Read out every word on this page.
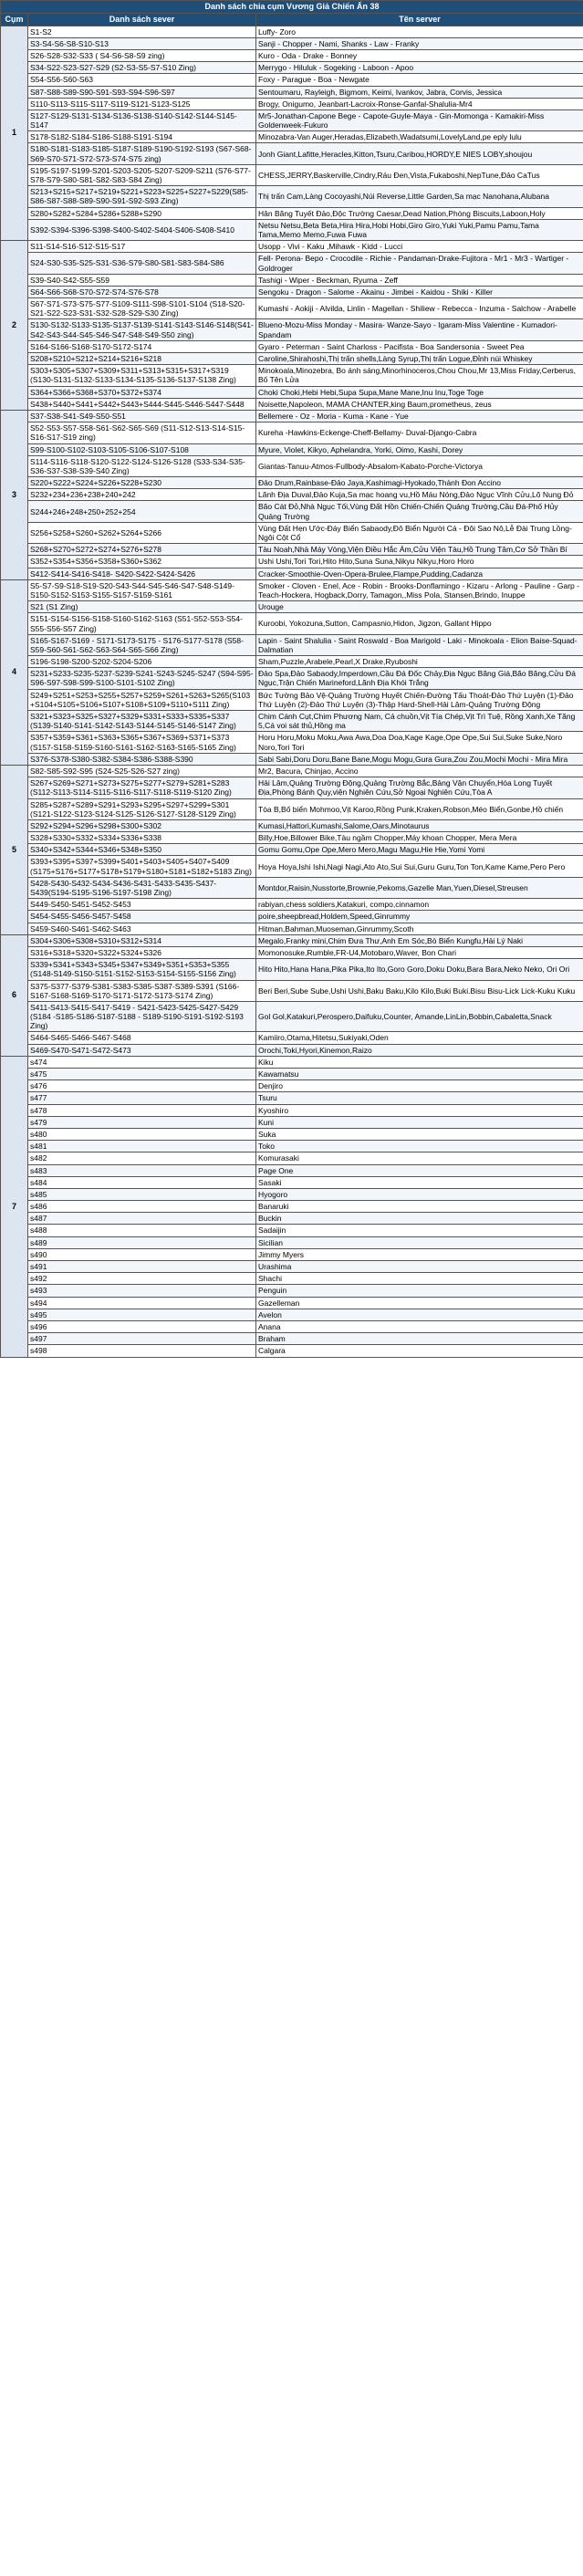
Danh sách chia cụm Vương Giả Chiến Ẩn 38		
Cụm	Danh sách sever	Tên server
1	S1-S2	Luffy- Zoro
	S3-S4-S6-S8-S10-S13	Sanji - Chopper - Nami, Shanks - Law - Franky
	S26-S28-S32-S33 ( S4-S6-S8-S9 zing)	Kuro - Oda - Drake - Bonney
	S34-S22-S23-S27-S29 (S2-S3-S5-S7-S10 Zing)	Merrygo - Hiluluk - Sogeking - Laboon - Apoo
	S54-S56-S60-S63	Foxy - Parague - Boa - Newgate
	S87-S88-S89-S90-S91-S93-S94-S96-S97	Sentoumaru, Rayleigh, Bigmom, Keimi, Ivankov, Jabra, Corvis, Jessica
	S110-S113-S115-S117-S119-S121-S123-S125	Brogy, Onigumo, Jeanbart-Lacroix-Ronse-Ganfal-Shalulia-Mr4
	S127-S129-S131-S134-S136-S138-S140-S142-S144-S145-S147	Mr5-Jonathan-Capone Bege - Capote-Guyle-Maya - Gin-Momonga - Kamakiri-Miss Goldenweek-Fukuro
	S178-S182-S184-S186-S188-S191-S194	Minozabra-Van Auger,Heradas,Elizabeth,Wadatsumi,LovelyLand,pe eply lulu
	S180-S181-S183-S185-S187-S189-S190-S192-S193 (S67-S68-S69-S70-S71-S72-S73-S74-S75 zing)	Jonh Giant,Lafitte,Heracles,Kitton,Tsuru,Caribou,HORDY,E NIES LOBY,shoujou
	S195-S197-S199-S201-S203-S205-S207-S209-S211 (S76-S77-S78-S79-S80-S81-S82-S83-S84 Zing)	CHESS,JERRY,Baskerville,Cindry,Ráu Đen,Vista,Fukaboshi,NepTune,Đảo CaTus
	S213+S215+S217+S219+S221+S223+S225+S227+S229(S85-S86-S87-S88-S89-S90-S91-S92-S93 Zing)	Thị trấn Cam,Làng Cocoyashi,Núi Reverse,Little Garden,Sa mạc Nanohana,Alubana
	S280+S282+S284+S286+S288+S290	Hân Băng Tuyết Đảo,Độc Trường Caesar,Dead Nation,Phòng Biscuits,Laboon,Holy
	S392-S394-S396-S398-S400-S402-S404-S406-S408-S410	Netsu Netsu,Beta Beta,Hira Hira,Hobi Hobi,Giro Giro,Yuki Yuki,Pamu Pamu,Tama Tama,Memo Memo,Fuwa Fuwa
2	S11-S14-S16-S12-S15-S17	Usopp - Vivi - Kaku ,Mihawk - Kidd - Lucci
	S24-S30-S35-S25-S31-S36-S79-S80-S81-S83-S84-S86	Fell- Perona- Bepo - Crocodile - Richie - Pandaman-Drake-Fujitora - Mr1 - Mr3 - Wartiger - Goldroger
	S39-S40-S42-S55-S59	Tashigi - Wiper - Beckman, Ryuma - Zeff
	S64-S66-S68-S70-S72-S74-S76-S78	Sengoku - Dragon - Salome - Akainu - Jimbei - Kaidou - Shiki - Killer
	S67-S71-S73-S75-S77-S109-S111-S98-S101-S104 (S18-S20-S21-S22-S23-S31-S32-S28-S29-S30 Zing)	Kumashi - Aokiji - Alvilda, Linlin - Magellan - Shiliew - Rebecca - Inzuma - Salchow - Arabelle
	S130-S132-S133-S135-S137-S139-S141-S143-S146-S148(S41-S42-S43-S44-S45-S46-S47-S48-S49-S50 zing)	Blueno-Mozu-Miss Monday - Masira- Wanze-Sayo - Igaram-Miss Valentine - Kumadori-Spandam
	S164-S166-S168-S170-S172-S174	Gyaro - Peterman - Saint Charloss - Pacifista - Boa Sandersonia - Sweet Pea
	S208+S210+S212+S214+S216+S218	Caroline,Shirahoshi,Thị trấn shells,Làng Syrup,Thị trấn Logue,Đỉnh núi Whiskey
	S303+S305+S307+S309+S311+S313+S315+S317+S319 (S130-S131-S132-S133-S134-S135-S136-S137-S138 Zing)	Minokoala,Minozebra, Bo ánh sáng,Minorhinoceros,Chou Chou,Mr 13,Miss Friday,Cerberus, Bố Tên Lửa
	S364+S366+S368+S370+S372+S374	Choki Choki,Hebi Hebi,Supa Supa,Mane Mane,Inu Inu,Toge Toge
	S438+S440+S441+S442+S443+S444-S445-S446-S447-S448	Noisette,Napoleon, MAMA CHANTER,king Baum,prometheus, zeus
3	S37-S38-S41-S49-S50-S51	Bellemere - Oz - Moria - Kuma - Kane - Yue
	S52-S53-S57-S58-S61-S62-S65-S69 (S11-S12-S13-S14-S15-S16-S17-S19 zing)	Kureha -Hawkins-Eckenge-Cheff-Bellamy- Duval-Django-Cabra
	S99-S100-S102-S103-S105-S106-S107-S108	Myure, Violet, Kikyo, Aphelandra, Yorki, Oimo, Kashi, Dorey
	S114-S116-S118-S120-S122-S124-S126-S128 (S33-S34-S35-S36-S37-S38-S39-S40 Zing)	Giantas-Tanuu-Atmos-Fullbody-Absalom-Kabato-Porche-Victorya
	S220+S222+S224+S226+S228+S230	Đảo Drum,Rainbase-Đảo Jaya,Kashimagi-Hyokado,Thành Đon Accino
	S232+234+236+238+240+242	Lãnh Địa Duval,Đảo Kuja,Sa mạc hoang vu,Hồ Máu Nóng,Đảo Ngục Vĩnh Cửu,Lõ Nung Đỏ
	S244+246+248+250+252+254	Bão Cát Đỏ,Nhà Ngục Tối,Vùng Đất Hồn Chiến-Chiến Quảng Trường,Cầu Đá-Phố Hủy Quảng Trường
	S256+S258+S260+S262+S264+S266	Vùng Đất Hẹn Ước-Đáy Biển Sabaody,Đô Biển Người Cá - Đôi Sao Nô,Lễ Đài Trung Lồng-Ngôi Cột Cổ
	S268+S270+S272+S274+S276+S278	Tàu Noah,Nhà Máy Vòng,Viện Điều Hắc Ám,Cửu Viện Tàu,Hồ Trung Tâm,Cơ Sở Thần Bí
	S352+S354+S356+S358+S360+S362	Ushi Ushi,Tori Tori,Hito Hito,Suna Suna,Nikyu Nikyu,Horo Horo
	S412-S414-S416-S418- S420-S422-S424-S426	Cracker-Smoothie-Oven-Opera-Brulee,Flampe,Pudding,Cadanza
4	S5-S7-S9-S18-S19-S20-S43-S44-S45-S46-S47-S48-S149-S150-S152-S153-S155-S157-S159-S161	Smoker - Cloven - Enel, Ace - Robin - Brooks-Donflamingo - Kizaru - Arlong - Pauline - Garp - Teach-Hockera, Hogback,Dorry, Tamagon,,Miss Pola, Stansen,Brindo, Inuppe
	S21 (S1 Zing)	Urouge
	S151-S154-S156-S158-S160-S162-S163 (S51-S52-S53-S54-S55-S56-S57 Zing)	Kuroobi, Yokozuna,Sutton, Campasnio,Hidon, Jigzon, Gallant Hippo
	S165-S167-S169 - S171-S173-S175 - S176-S177-S178 (S58-S59-S60-S61-S62-S63-S64-S65-S66 Zing)	Lapin - Saint Shalulia - Saint Roswald - Boa Marigold - Laki - Minokoala - Elion Baise-Squad-Dalmatian
	S196-S198-S200-S202-S204-S206	Sham,Puzzle,Arabele,Pearl,X Drake,Ryuboshi
	S231+S233-S235-S237-S239-S241-S243-S245-S247 (S94-S95-S96-S97-S98-S99-S100-S101-S102 Zing)	Đảo Spa,Đảo Sabaody,Imperdown,Cầu Đá Đốc Chảy,Địa Ngục Băng Giá,Bão Băng,Cửu Đá Ngục,Trận Chiến Marineford,Lãnh Địa Khói Trắng
	S249+S251+S253+S255+S257+S259+S261+S263+S265(S103+S104+S105+S106+S107+S108+S109+S110+S111 Zing)	Bức Tường Bảo Vệ-Quảng Trường Huyết Chiến-Đường Tấu Thoát-Đảo Thứ Luyện (1)-Đảo Thứ Luyện (2)-Đảo Thứ Luyện (3)-Thập Hard-Shell-Hải Lâm-Quảng Trường Động
	S321+S323+S325+S327+S329+S331+S333+S335+S337 (S139-S140-S141-S142-S143-S144-S145-S146-S147 Zing)	Chim Cánh Cụt,Chim Phương Nam, Cá chuồn,Vịt Tía Chép,Vịt Trì Tuệ, Rồng Xanh,Xe Tăng 5,Cá voi sát thủ,Hồng ma
	S357+S359+S361+S363+S365+S367+S369+S371+S373 (S157-S158-S159-S160-S161-S162-S163-S165-S165 Zing)	Horu Horu,Moku Moku,Awa Awa,Doa Doa,Kage Kage,Ope Ope,Sui Sui,Suke Suke,Noro Noro,Tori Tori
	S376-S378-S380-S382-S384-S386-S388-S390	Sabi Sabi,Doru Doru,Bane Bane,Mogu Mogu,Gura Gura,Zou Zou,Mochi Mochi - Mira Mira
5	S82-S85-S92-S95 (S24-S25-S26-S27 zing)	Mr2, Bacura, Chinjao, Accino
	S267+S269+S271+S273+S275+S277+S279+S281+S283 (S112-S113-S114-S115-S116-S117-S118-S119-S120 Zing)	Hải Lâm,Quảng Trường Động,Quảng Trường Bắc,Bảng Vận Chuyển,Hóa Long Tuyết Địa,Phòng Bánh Quy,viện Nghiên Cứu,Sở Ngoại Nghiên Cứu,Tòa A
	S285+S287+S289+S291+S293+S295+S297+S299+S301 (S121-S122-S123-S124-S125-S126-S127-S128-S129 Zing)	Tòa B,Bố biển Mohmoo,Vịt Karoo,Rồng Punk,Kraken,Robson,Méo Biển,Gonbe,Hồ chiến
	S292+S294+S296+S298+S300+S302	Kumasi,Hattori,Kumashi,Salome,Oars,Minotaurus
	S328+S330+S332+S334+S336+S338	Billy,Hoe,Billower Bike,Tàu ngầm Chopper,Máy khoan Chopper, Mera Mera
	S340+S342+S344+S346+S348+S350	Gomu Gomu,Ope Ope,Mero Mero,Magu Magu,Hie Hie,Yomi Yomi
	S393+S395+S397+S399+S401+S403+S405+S407+S409 (S175+S176+S177+S178+S179+S180+S181+S182+S183 Zing)	Hoya Hoya,Ishi Ishi,Nagi Nagi,Ato Ato,Sui Sui,Guru Guru,Ton Ton,Kame Kame,Pero Pero
	S428-S430-S432-S434-S436-S431-S433-S435-S437-S439(S194-S195-S196-S197-S198 Zing)	Montdor,Raisin,Nusstorte,Brownie,Pekoms,Gazelle Man,Yuen,Diesel,Streusen
	S449-S450-S451-S452-S453	rabiyan,chess soldiers,Katakuri, compo,cinnamon
	S454-S455-S456-S457-S458	poire,sheepbread,Holdem,Speed,Ginrummy
	S459-S460-S461-S462-S463	Hitman,Bahman,Muoseman,Ginrummy,Scoth
6	S304+S306+S308+S310+S312+S314	Megalo,Franky mini,Chim Đưa Thư,Anh Em Sóc,Bò Biển Kungfu,Hải Lý Naki
	S316+S318+S320+S322+S324+S326	Momonosuke,Rumble,FR-U4,Motobaro,Waver, Bon Chari
	S339+S341+S343+S345+S347+S349+S351+S353+S355 (S148-S149-S150-S151-S152-S153-S154-S155-S156 Zing)	Hito Hito,Hana Hana,Pika Pika,Ito Ito,Goro Goro,Doku Doku,Bara Bara,Neko Neko, Ori Ori
	S375-S377-S379-S381-S383-S385-S387-S389-S391 (S166-S167-S168-S169-S170-S171-S172-S173-S174 Zing)	Beri Beri,Sube Sube,Ushi Ushi,Baku Baku,Kilo Kilo,Buki Buki.Bisu Bisu-Lick Lick-Kuku Kuku
	S411-S413-S415-S417-S419 - S421-S423-S425-S427-S429 (S184 -S185-S186-S187-S188 - S189-S190-S191-S192-S193 Zing)	Gol Gol,Katakuri,Perospero,Daifuku,Counter, Amande,LinLin,Bobbin,Cabaletta,Snack
	S464-S465-S466-S467-S468	Kamiiro,Otama,Hitetsu,Sukiyaki,Oden
	S469-S470-S471-S472-S473	Orochi,Toki,Hyori,Kinemon,Raizo
7	s474	Kiku
	s475	Kawamatsu
	s476	Denjiro
	s477	Tsuru
	s478	Kyoshiro
	s479	Kuni
	s480	Suka
	s481	Toko
	s482	Komurasaki
	s483	Page One
	s484	Sasaki
	s485	Hyogoro
	s486	Banaruki
	s487	Buckin
	s488	Sadaijin
	s489	Sicilian
	s490	Jimmy Myers
	s491	Urashima
	s492	Shachi
	s493	Penguin
	s494	Gazelleman
	s495	Avelon
	s496	Anana
	s497	Braham
	s498	Calgara
